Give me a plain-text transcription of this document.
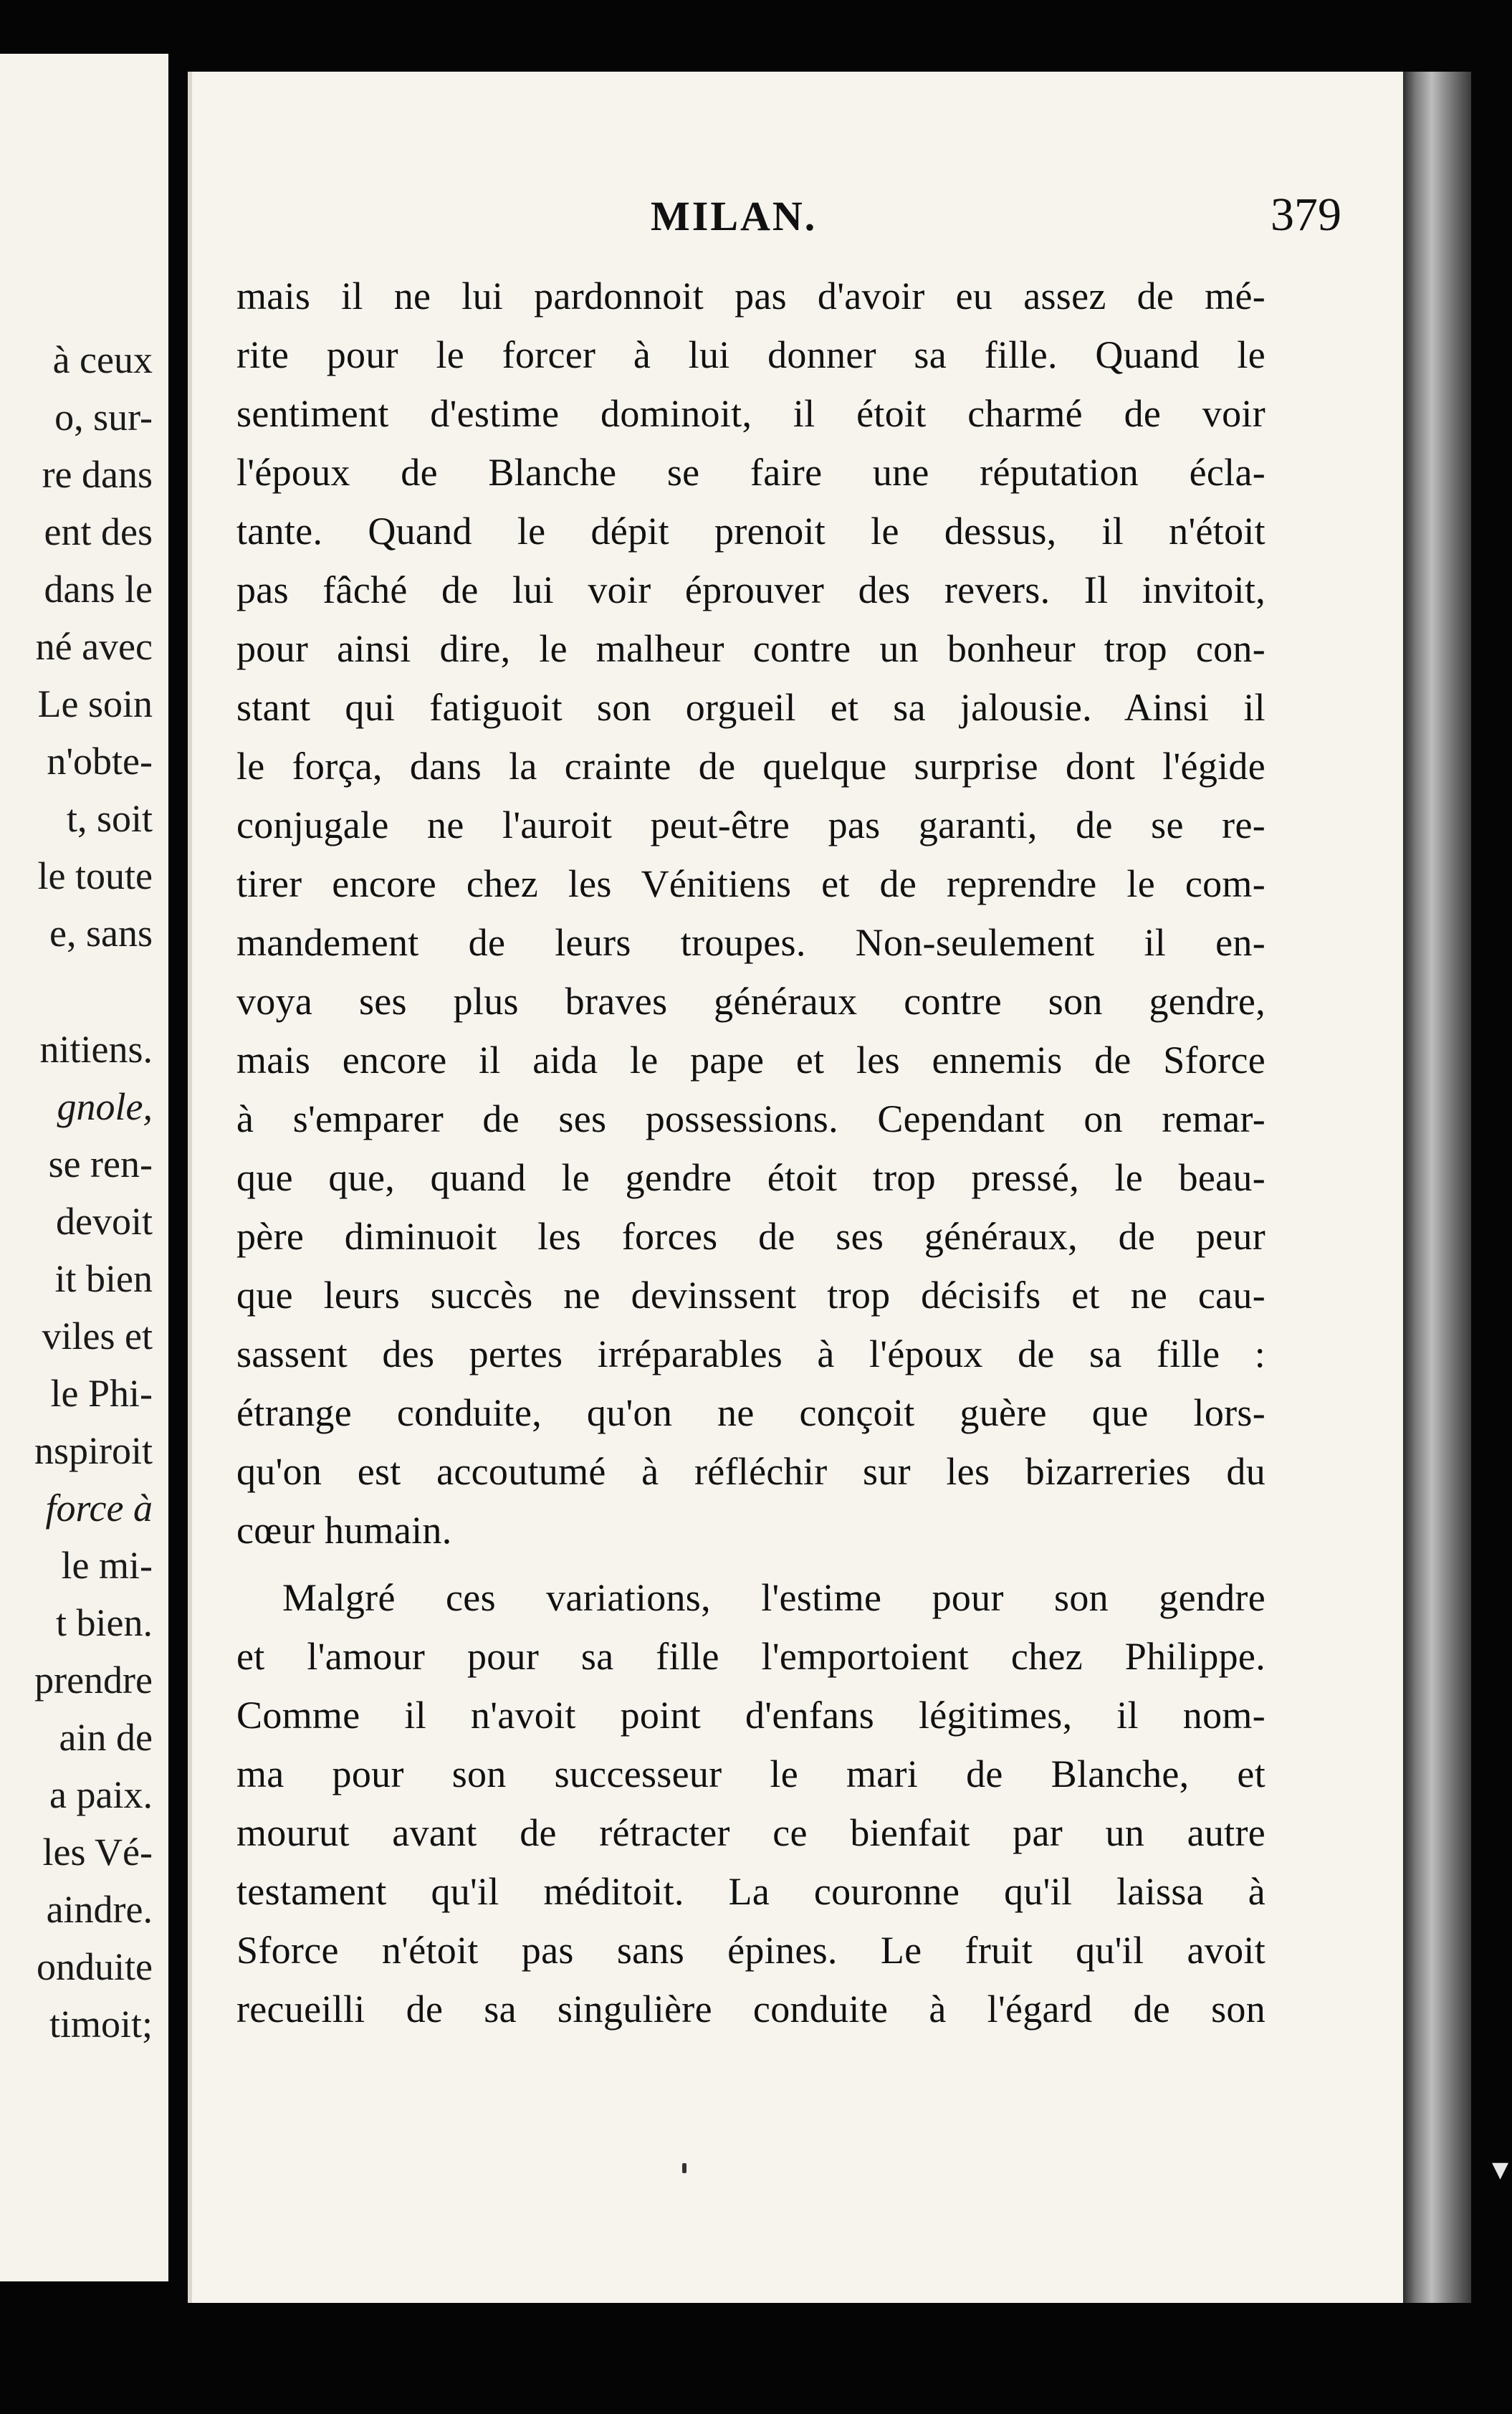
à ceux
o, sur-
re dans
ent des
dans le
né avec
Le soin
n'obte-
t, soit
le toute
e, sans
nitiens.
gnole,
se ren-
devoit
it bien
viles et
le Phi-
nspiroit
force à
le mi-
t bien.
prendre
ain de
a paix.
les Vé-
aindre.
onduite
timoit;
MILAN.	379
mais il ne lui pardonnoit pas d'avoir eu assez de mé-
rite pour le forcer à lui donner sa fille. Quand le
sentiment d'estime dominoit, il étoit charmé de voir
l'époux de Blanche se faire une réputation écla-
tante. Quand le dépit prenoit le dessus, il n'étoit
pas fâché de lui voir éprouver des revers. Il invitoit,
pour ainsi dire, le malheur contre un bonheur trop con-
stant qui fatiguoit son orgueil et sa jalousie. Ainsi il
le força, dans la crainte de quelque surprise dont l'égide
conjugale ne l'auroit peut-être pas garanti, de se re-
tirer encore chez les Vénitiens et de reprendre le com-
mandement de leurs troupes. Non-seulement il en-
voya ses plus braves généraux contre son gendre,
mais encore il aida le pape et les ennemis de Sforce
à s'emparer de ses possessions. Cependant on remar-
que que, quand le gendre étoit trop pressé, le beau-
père diminuoit les forces de ses généraux, de peur
que leurs succès ne devinssent trop décisifs et ne cau-
sassent des pertes irréparables à l'époux de sa fille :
étrange conduite, qu'on ne conçoit guère que lors-
qu'on est accoutumé à réfléchir sur les bizarreries du
cœur humain.
Malgré ces variations, l'estime pour son gendre
et l'amour pour sa fille l'emportoient chez Philippe.
Comme il n'avoit point d'enfans légitimes, il nom-
ma pour son successeur le mari de Blanche, et
mourut avant de rétracter ce bienfait par un autre
testament qu'il méditoit. La couronne qu'il laissa à
Sforce n'étoit pas sans épines. Le fruit qu'il avoit
recueilli de sa singulière conduite à l'égard de son
▼
